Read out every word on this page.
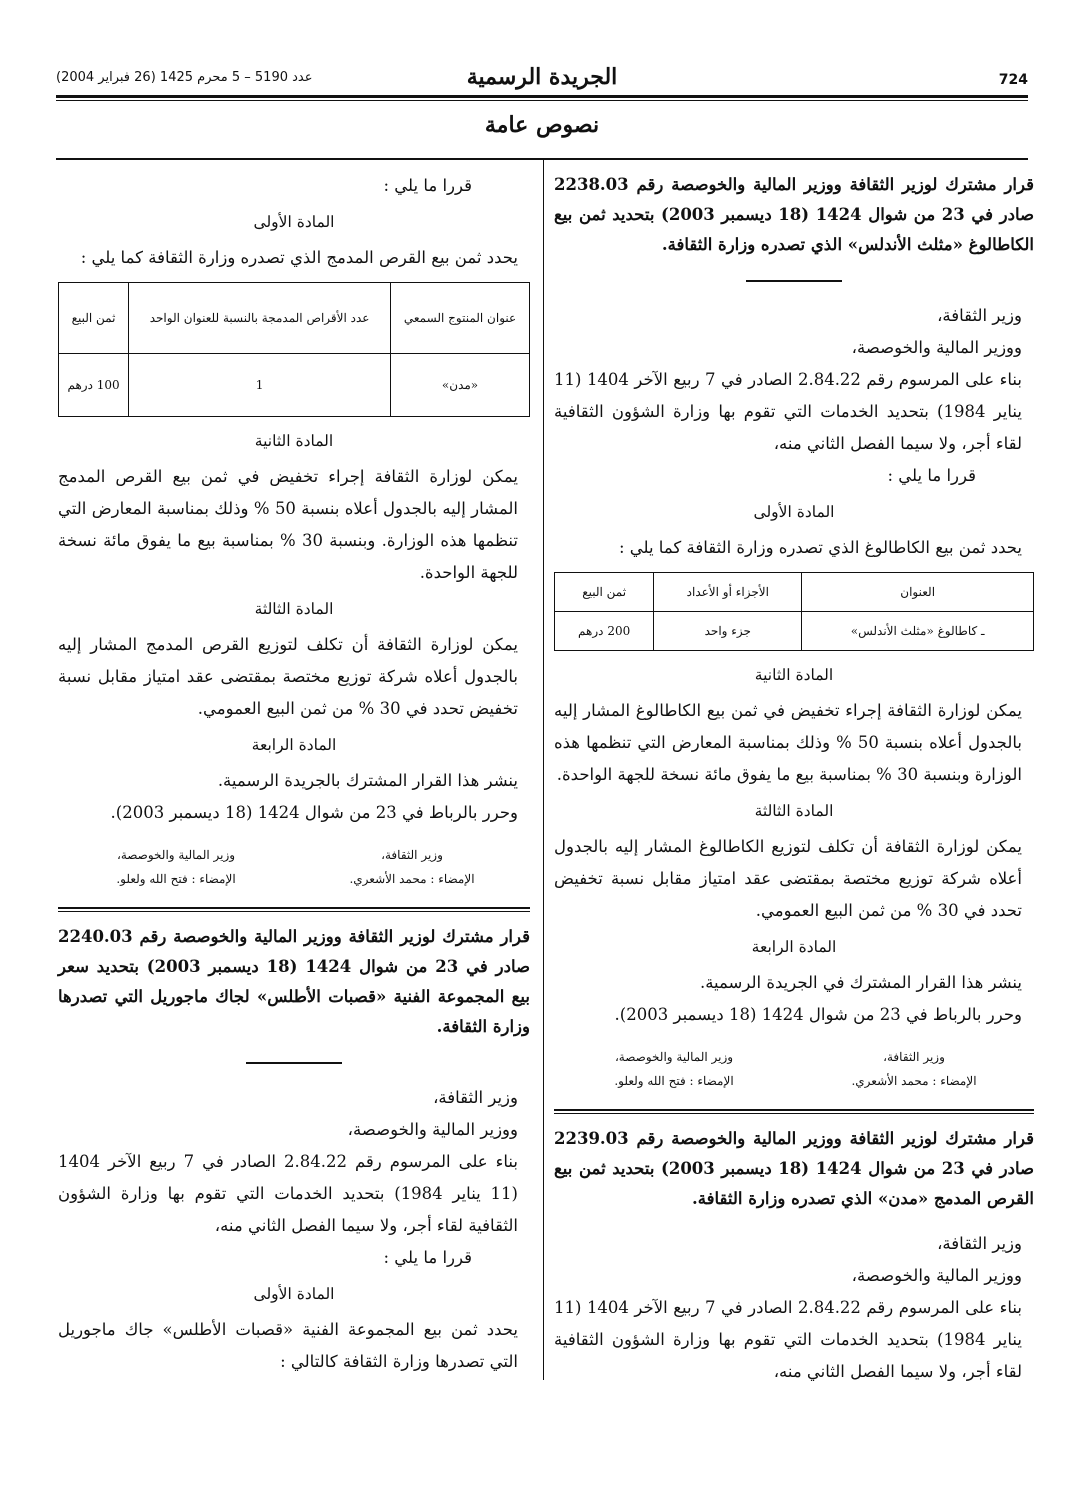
724
الجريدة الرسمية
عدد 5190 – 5 محرم 1425 (26 فبراير 2004)
نصوص عامة

قرار مشترك لوزير الثقافة ووزير المالية والخوصصة رقم 2238.03 صادر في 23 من شوال 1424 (18 ديسمبر 2003) بتحديد ثمن بيع الكاطالوغ «مثلث الأندلس» الذي تصدره وزارة الثقافة.

وزير الثقافة،

ووزير المالية والخوصصة،

بناء على المرسوم رقم 2.84.22 الصادر في 7 ربيع الآخر 1404 (11 يناير 1984) بتحديد الخدمات التي تقوم بها وزارة الشؤون الثقافية لقاء أجر، ولا سيما الفصل الثاني منه،

قررا ما يلي :

المادة الأولى

يحدد ثمن بيع الكاطالوغ الذي تصدره وزارة الثقافة كما يلي :

العنوان	الأجزاء أو الأعداد	ثمن البيع
ـ كاطالوغ «مثلث الأندلس»	جزء واحد	200 درهم

المادة الثانية

يمكن لوزارة الثقافة إجراء تخفيض في ثمن بيع الكاطالوغ المشار إليه بالجدول أعلاه بنسبة 50 % وذلك بمناسبة المعارض التي تنظمها هذه الوزارة وبنسبة 30 % بمناسبة بيع ما يفوق مائة نسخة للجهة الواحدة.

المادة الثالثة

يمكن لوزارة الثقافة أن تكلف لتوزيع الكاطالوغ المشار إليه بالجدول أعلاه شركة توزيع مختصة بمقتضى عقد امتياز مقابل نسبة تخفيض تحدد في 30 % من ثمن البيع العمومي.

المادة الرابعة

ينشر هذا القرار المشترك في الجريدة الرسمية.

وحرر بالرباط في 23 من شوال 1424 (18 ديسمبر 2003).

وزير الثقافة،
الإمضاء : محمد الأشعري.
وزير المالية والخوصصة،
الإمضاء : فتح الله ولعلو.

قرار مشترك لوزير الثقافة ووزير المالية والخوصصة رقم 2239.03 صادر في 23 من شوال 1424 (18 ديسمبر 2003) بتحديد ثمن بيع القرص المدمج «مدن» الذي تصدره وزارة الثقافة.

وزير الثقافة،

ووزير المالية والخوصصة،

بناء على المرسوم رقم 2.84.22 الصادر في 7 ربيع الآخر 1404 (11 يناير 1984) بتحديد الخدمات التي تقوم بها وزارة الشؤون الثقافية لقاء أجر، ولا سيما الفصل الثاني منه،

قررا ما يلي :

المادة الأولى

يحدد ثمن بيع القرص المدمج الذي تصدره وزارة الثقافة كما يلي :

عنوان المنتوج السمعي	عدد الأقراص المدمجة بالنسبة للعنوان الواحد	ثمن البيع
«مدن»	1	100 درهم

المادة الثانية

يمكن لوزارة الثقافة إجراء تخفيض في ثمن بيع القرص المدمج المشار إليه بالجدول أعلاه بنسبة 50 % وذلك بمناسبة المعارض التي تنظمها هذه الوزارة. وبنسبة 30 % بمناسبة بيع ما يفوق مائة نسخة للجهة الواحدة.

المادة الثالثة

يمكن لوزارة الثقافة أن تكلف لتوزيع القرص المدمج المشار إليه بالجدول أعلاه شركة توزيع مختصة بمقتضى عقد امتياز مقابل نسبة تخفيض تحدد في 30 % من ثمن البيع العمومي.

المادة الرابعة

ينشر هذا القرار المشترك بالجريدة الرسمية.

وحرر بالرباط في 23 من شوال 1424 (18 ديسمبر 2003).

وزير الثقافة،
الإمضاء : محمد الأشعري.
وزير المالية والخوصصة،
الإمضاء : فتح الله ولعلو.

قرار مشترك لوزير الثقافة ووزير المالية والخوصصة رقم 2240.03 صادر في 23 من شوال 1424 (18 ديسمبر 2003) بتحديد سعر بيع المجموعة الفنية «قصبات الأطلس» لجاك ماجوريل التي تصدرها وزارة الثقافة.

وزير الثقافة،

ووزير المالية والخوصصة،

بناء على المرسوم رقم 2.84.22 الصادر في 7 ربيع الآخر 1404 (11 يناير 1984) بتحديد الخدمات التي تقوم بها وزارة الشؤون الثقافية لقاء أجر، ولا سيما الفصل الثاني منه،

قررا ما يلي :

المادة الأولى

يحدد ثمن بيع المجموعة الفنية «قصبات الأطلس» جاك ماجوريل التي تصدرها وزارة الثقافة كالتالي :
